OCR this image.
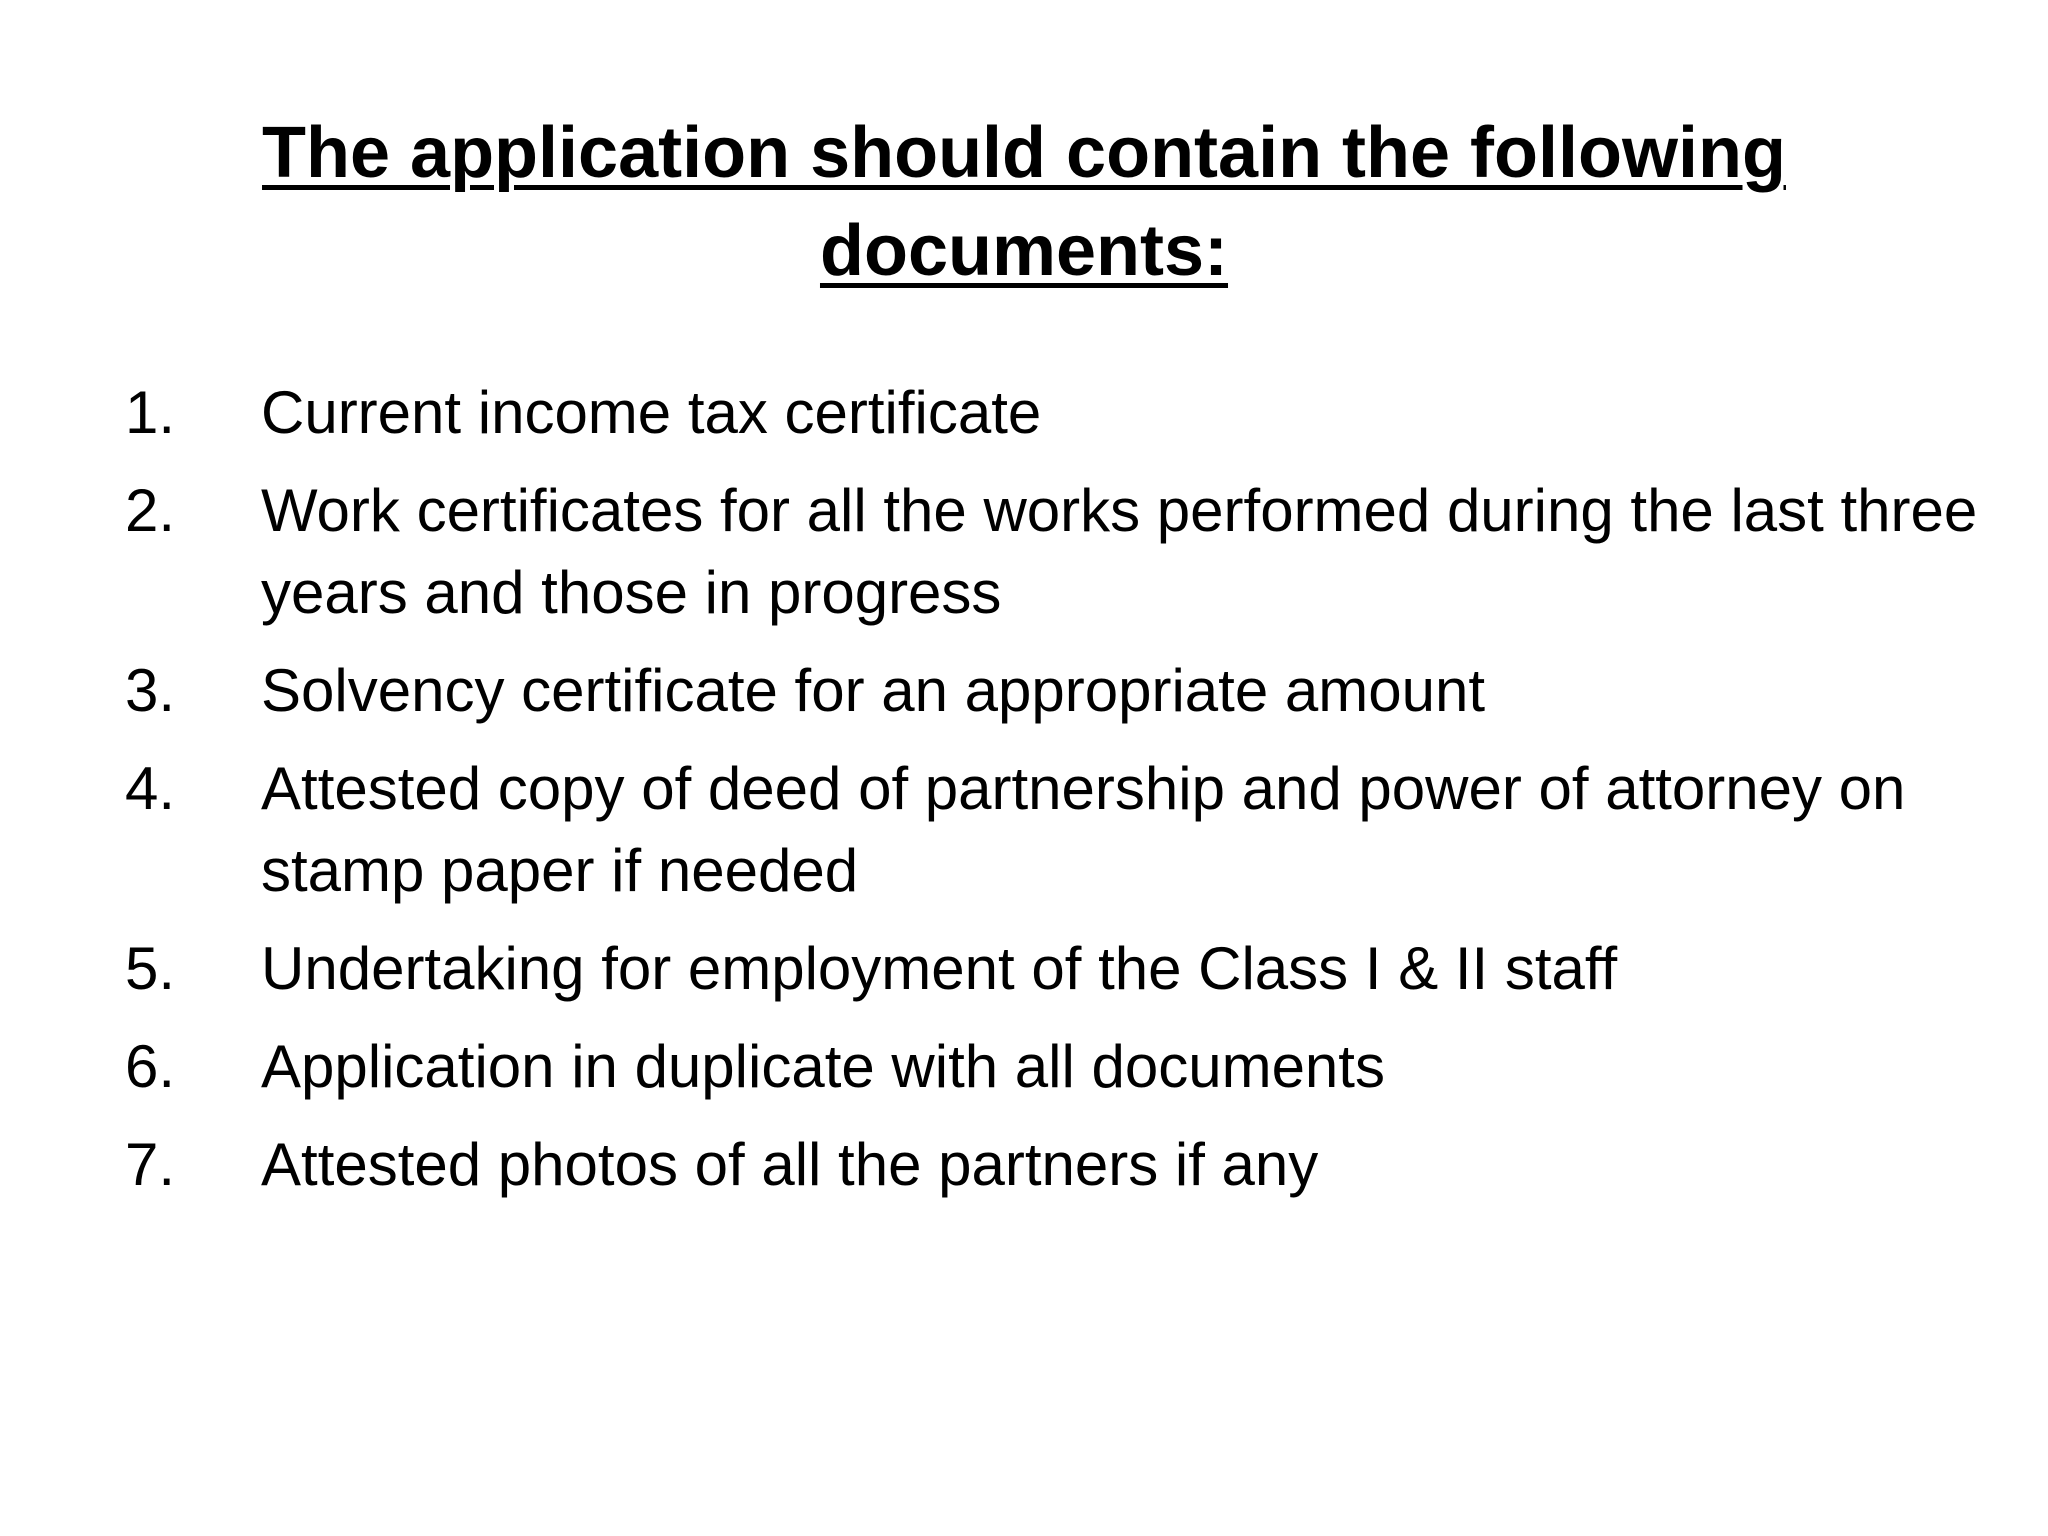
The application should contain the following documents:
1.	Current income tax certificate
2.	Work certificates for all the works performed during the last three years and those in progress
3.	Solvency certificate for an appropriate amount
4.	Attested copy of deed of partnership and power of attorney on stamp paper if needed
5.	Undertaking for employment of the Class I & II staff
6.	Application in duplicate with all documents
7.	Attested photos of all the partners if any
